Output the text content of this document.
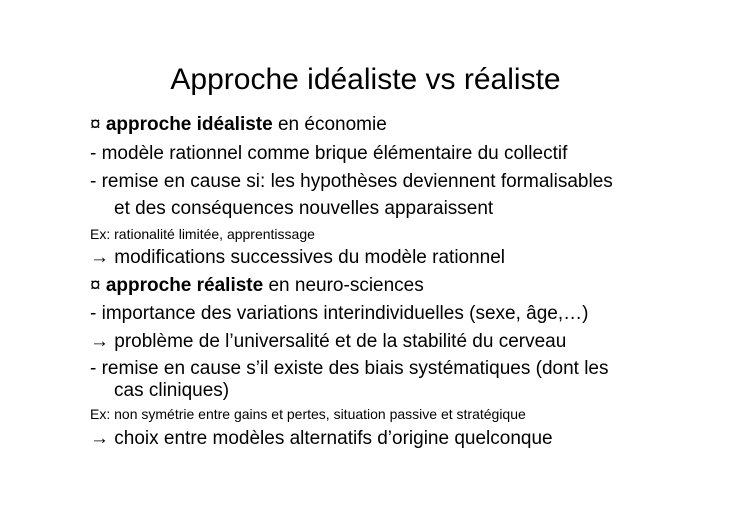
Approche idéaliste vs réaliste
¤ approche idéaliste en économie
- modèle rationnel comme brique élémentaire du collectif
- remise en cause si: les hypothèses deviennent formalisables
et des conséquences nouvelles apparaissent
Ex: rationalité limitée, apprentissage
→ modifications successives du modèle rationnel
¤ approche réaliste en neuro-sciences
- importance des variations interindividuelles (sexe, âge,…)
→ problème de l’universalité et de la stabilité du cerveau
- remise en cause s’il existe des biais systématiques (dont les
cas cliniques)
Ex: non symétrie entre gains et pertes, situation passive et stratégique
→ choix entre modèles alternatifs d’origine quelconque
